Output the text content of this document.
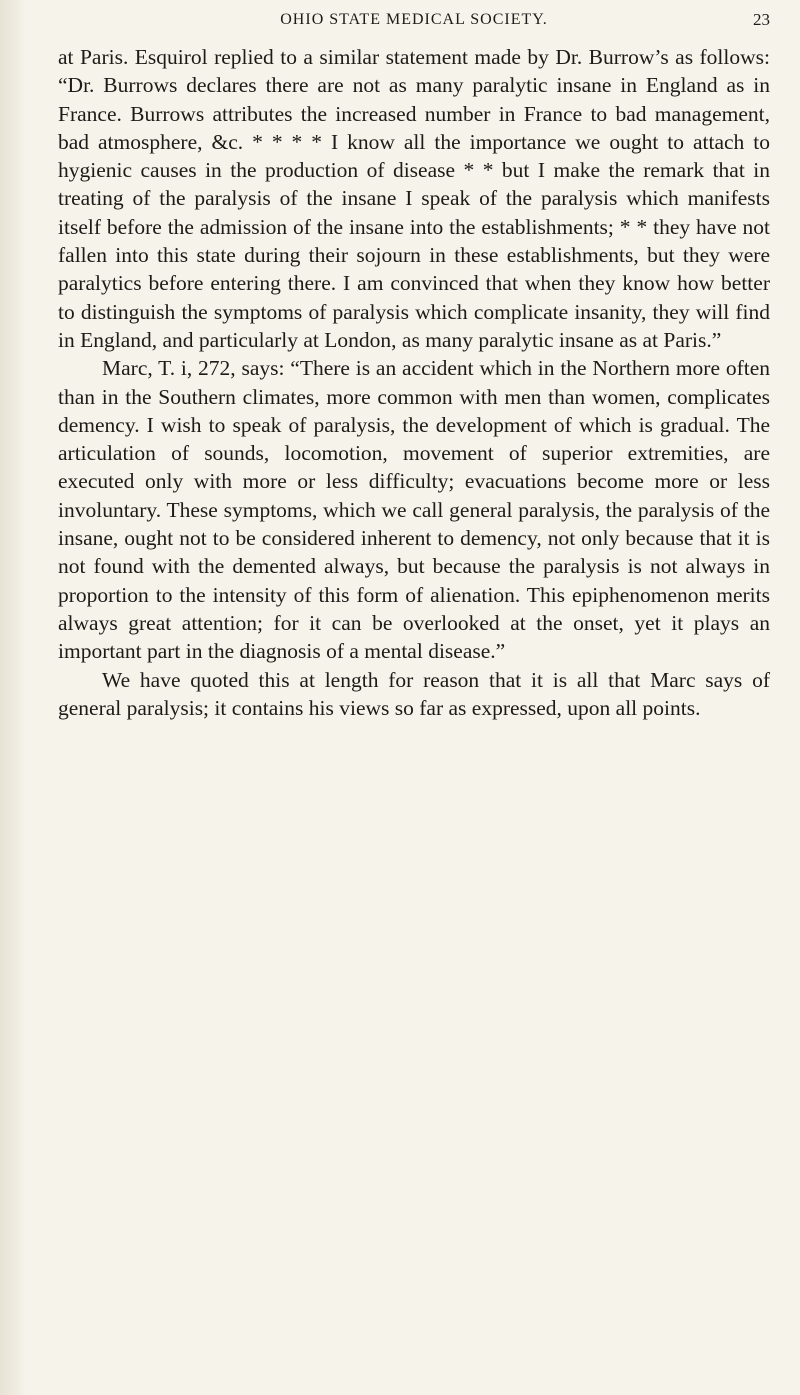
OHIO STATE MEDICAL SOCIETY.	23

at Paris. Esquirol replied to a similar statement made by Dr. Burrow’s as follows: “Dr. Burrows declares there are not as many paralytic insane in England as in France. Burrows attributes the increased number in France to bad management, bad atmosphere, &c. * * * * I know all the importance we ought to attach to hygienic causes in the production of disease * * but I make the remark that in treating of the paralysis of the insane I speak of the paralysis which manifests itself before the admission of the insane into the establishments; * * they have not fallen into this state during their sojourn in these establishments, but they were paralytics before entering there. I am convinced that when they know how better to distinguish the symptoms of paralysis which complicate insanity, they will find in England, and particularly at London, as many paralytic insane as at Paris.”

Marc, T. i, 272, says: “There is an accident which in the Northern more often than in the Southern climates, more common with men than women, complicates demency. I wish to speak of paralysis, the development of which is gradual. The articulation of sounds, locomotion, movement of superior extremities, are executed only with more or less difficulty; evacuations become more or less involuntary. These symptoms, which we call general paralysis, the paralysis of the insane, ought not to be considered inherent to demency, not only because that it is not found with the demented always, but because the paralysis is not always in proportion to the intensity of this form of alienation. This epiphenomenon merits always great attention; for it can be overlooked at the onset, yet it plays an important part in the diagnosis of a mental disease.”

We have quoted this at length for reason that it is all that Marc says of general paralysis; it contains his views so far as expressed, upon all points.
